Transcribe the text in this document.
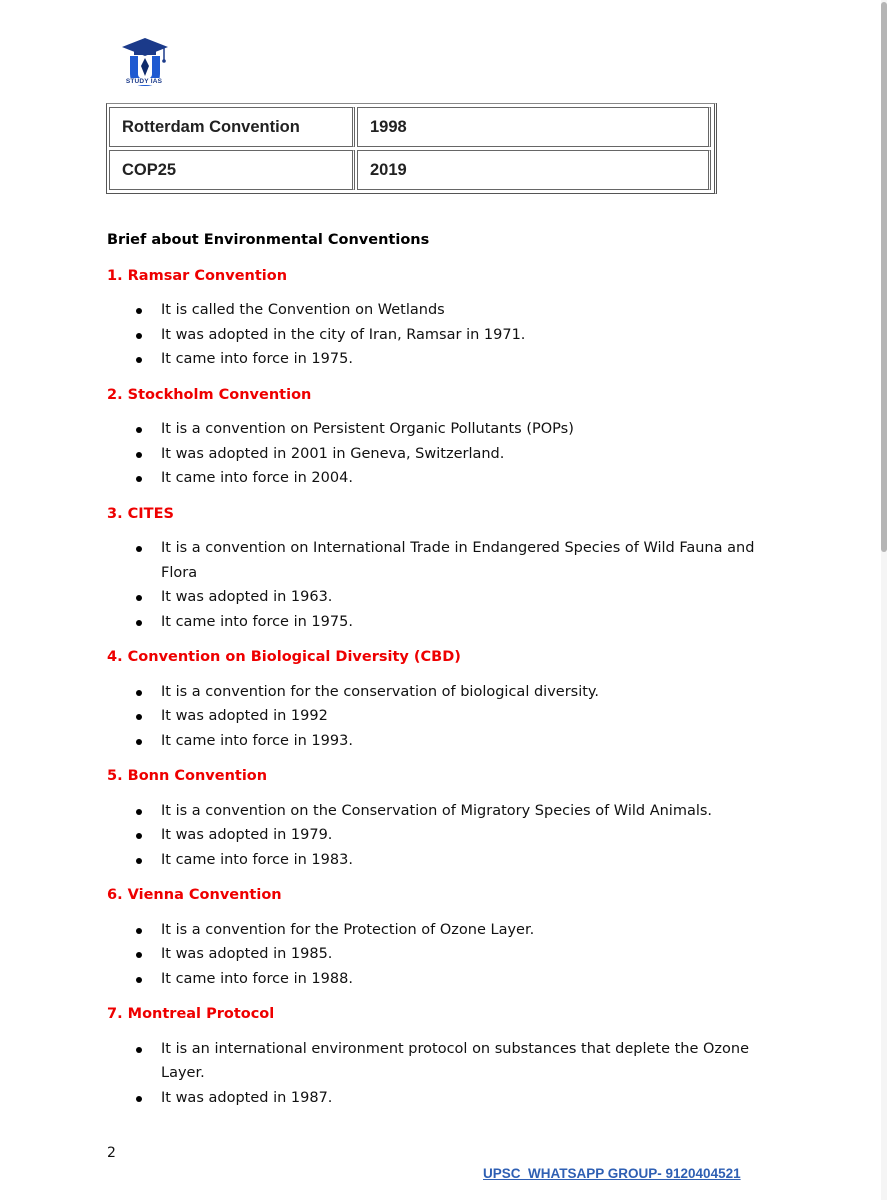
STUDY IAS
Rotterdam Convention	1998
COP25	2019
Brief about Environmental Conventions
1. Ramsar Convention
It is called the Convention on Wetlands
It was adopted in the city of Iran, Ramsar in 1971.
It came into force in 1975.
2. Stockholm Convention
It is a convention on Persistent Organic Pollutants (POPs)
It was adopted in 2001 in Geneva, Switzerland.
It came into force in 2004.
3. CITES
It is a convention on International Trade in Endangered Species of Wild Fauna and Flora
It was adopted in 1963.
It came into force in 1975.
4. Convention on Biological Diversity (CBD)
It is a convention for the conservation of biological diversity.
It was adopted in 1992
It came into force in 1993.
5. Bonn Convention
It is a convention on the Conservation of Migratory Species of Wild Animals.
It was adopted in 1979.
It came into force in 1983.
6. Vienna Convention
It is a convention for the Protection of Ozone Layer.
It was adopted in 1985.
It came into force in 1988.
7. Montreal Protocol
It is an international environment protocol on substances that deplete the Ozone Layer.
It was adopted in 1987.
2
UPSC_WHATSAPP GROUP- 9120404521
